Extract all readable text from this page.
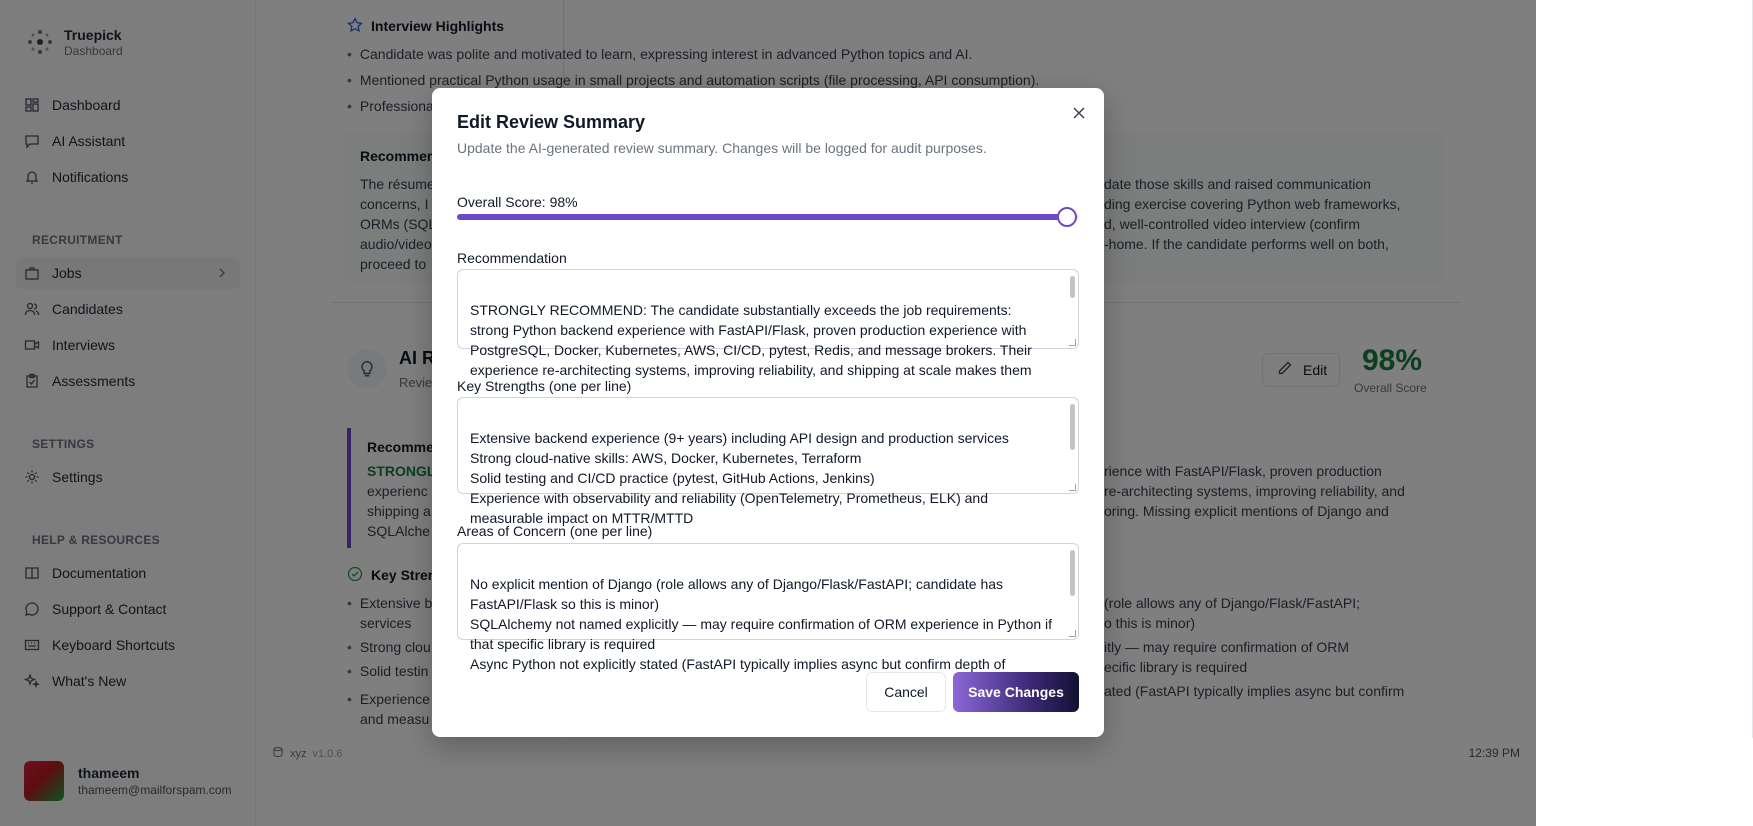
•
•
•
•
•
•
•
Edit Review Summary
Update the AI-generated review summary. Changes will be logged for audit purposes.
Overall Score: 98%
Recommendation

STRONGLY RECOMMEND: The candidate substantially exceeds the job requirements: strong Python backend experience with FastAPI/Flask, proven production experience with PostgreSQL, Docker, Kubernetes, AWS, CI/CD, pytest, Redis, and message brokers. Their experience re-architecting systems, improving reliability, and shipping at scale makes them

Key Strengths (one per line)

Extensive backend experience (9+ years) including API design and production services
Strong cloud-native skills: AWS, Docker, Kubernetes, Terraform
Solid testing and CI/CD practice (pytest, GitHub Actions, Jenkins)
Experience with observability and reliability (OpenTelemetry, Prometheus, ELK) and measurable impact on MTTR/MTTD

Areas of Concern (one per line)

No explicit mention of Django (role allows any of Django/Flask/FastAPI; candidate has FastAPI/Flask so this is minor)
SQLAlchemy not named explicitly — may require confirmation of ORM experience in Python if that specific library is required
Async Python not explicitly stated (FastAPI typically implies async but confirm depth of

Cancel	Save Changes
